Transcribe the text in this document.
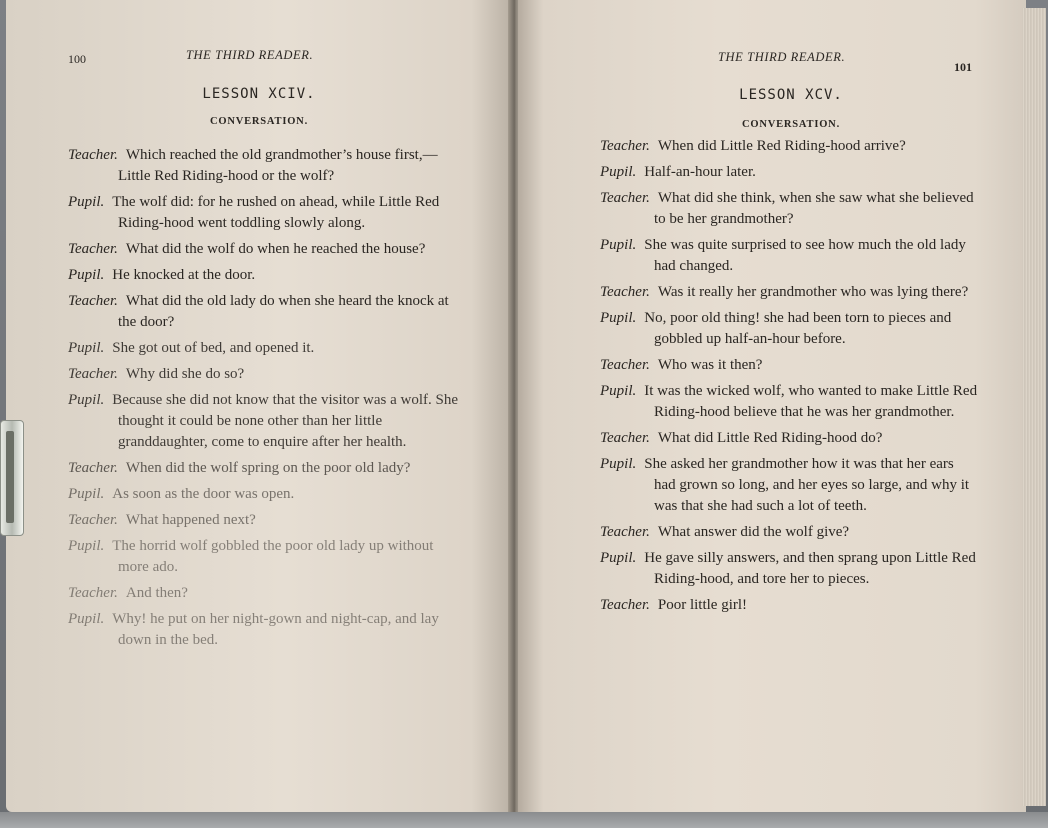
100	THE THIRD READER.
LESSON XCIV.
CONVERSATION.
Teacher. Which reached the old grandmother’s house first,—Little Red Riding-hood or the wolf?
Pupil. The wolf did: for he rushed on ahead, while Little Red Riding-hood went toddling slowly along.
Teacher. What did the wolf do when he reached the house?
Pupil. He knocked at the door.
Teacher. What did the old lady do when she heard the knock at the door?
Pupil. She got out of bed, and opened it.
Teacher. Why did she do so?
Pupil. Because she did not know that the visitor was a wolf. She thought it could be none other than her little granddaughter, come to enquire after her health.
Teacher. When did the wolf spring on the poor old lady?
Pupil. As soon as the door was open.
Teacher. What happened next?
Pupil. The horrid wolf gobbled the poor old lady up without more ado.
Teacher. And then?
Pupil. Why! he put on her night-gown and night-cap, and lay down in the bed.
THE THIRD READER.
101
LESSON XCV.
CONVERSATION.
Teacher. When did Little Red Riding-hood arrive?
Pupil. Half-an-hour later.
Teacher. What did she think, when she saw what she believed to be her grandmother?
Pupil. She was quite surprised to see how much the old lady had changed.
Teacher. Was it really her grandmother who was lying there?
Pupil. No, poor old thing! she had been torn to pieces and gobbled up half-an-hour before.
Teacher. Who was it then?
Pupil. It was the wicked wolf, who wanted to make Little Red Riding-hood believe that he was her grandmother.
Teacher. What did Little Red Riding-hood do?
Pupil. She asked her grandmother how it was that her ears had grown so long, and her eyes so large, and why it was that she had such a lot of teeth.
Teacher. What answer did the wolf give?
Pupil. He gave silly answers, and then sprang upon Little Red Riding-hood, and tore her to pieces.
Teacher. Poor little girl!
